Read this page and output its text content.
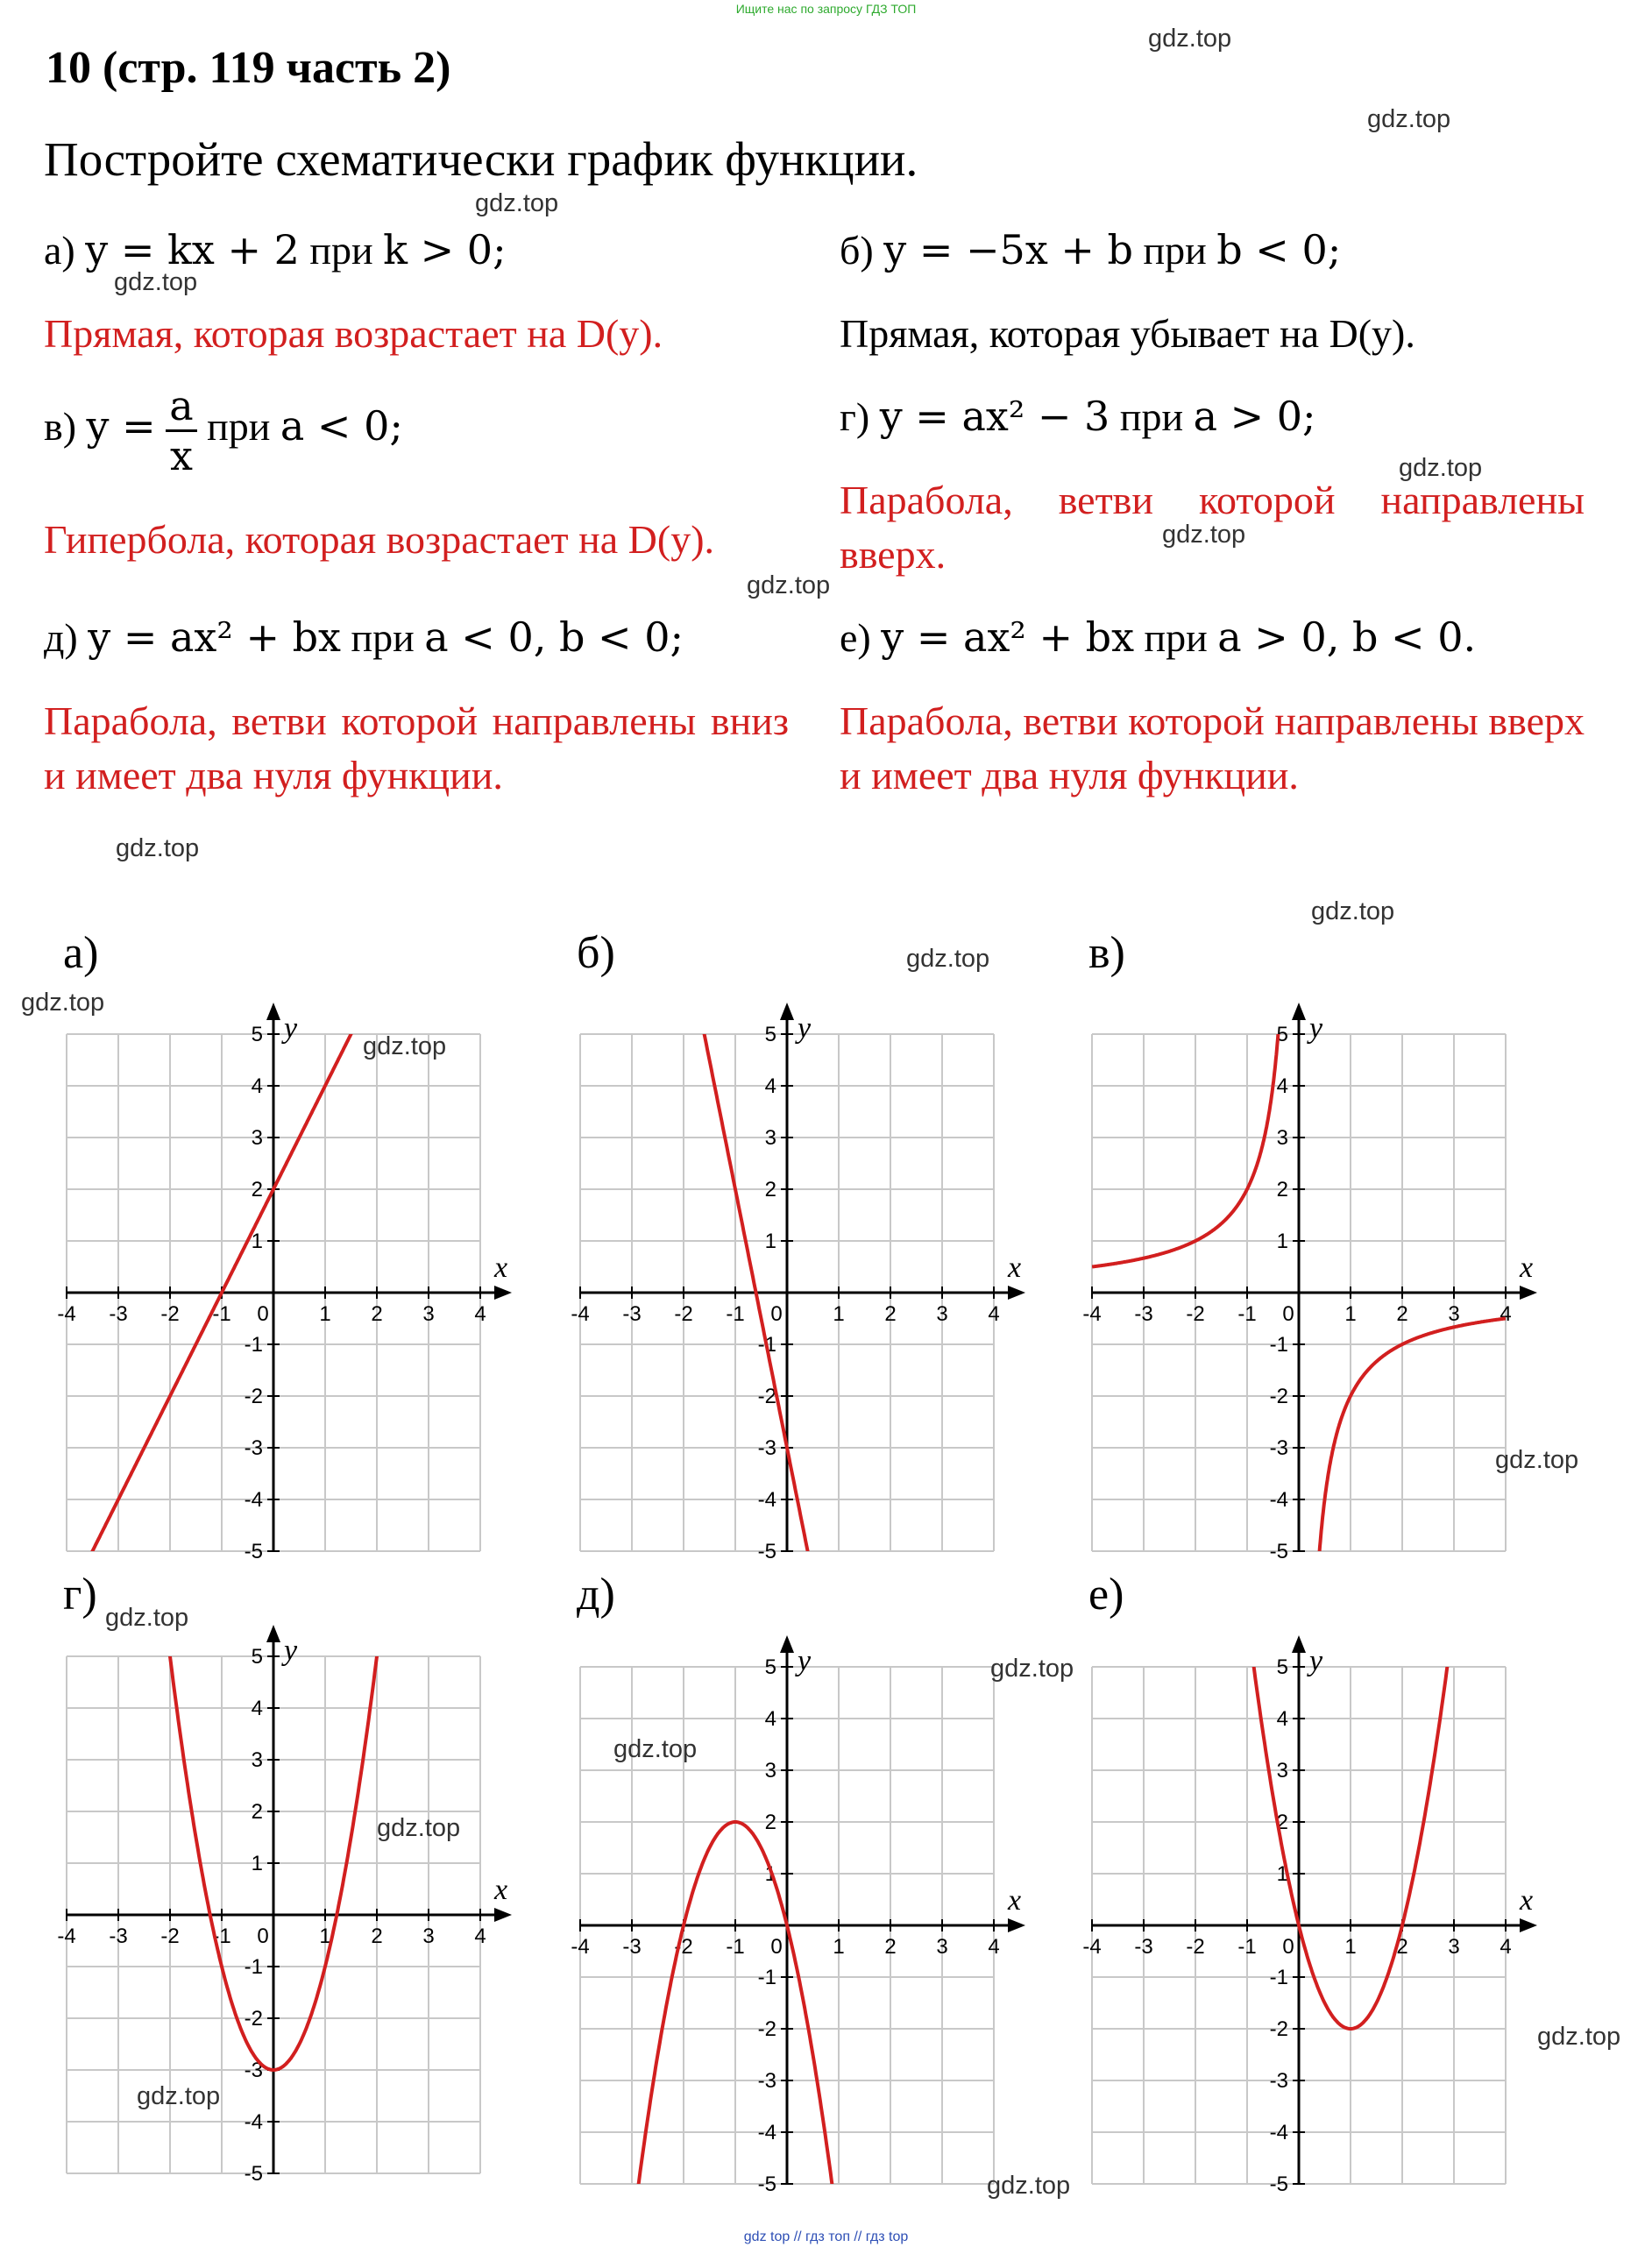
Ищите нас по запросу ГДЗ ТОП
gdz top // гдз топ // гдз top
10 (стр. 119 часть 2)
Постройте схематически график функции.
а) y = kx + 2 при k > 0;
Прямая, которая возрастает на D(y).
б) y = −5x + b при b < 0;
Прямая, которая убывает на D(y).
в) $y = \frac{a}{x}$ при a < 0;
Гипербола, которая возрастает на D(y).
г) y = ax² − 3 при a > 0;
Парабола, ветви которой направлены вверх.
д) y = ax² + bx при a < 0, b < 0;
Парабола, ветви которой направлены вниз и имеет два нуля функции.
е) y = ax² + bx при a > 0, b < 0.
Парабола, ветви которой направлены вверх и имеет два нуля функции.
а)	б)	в)
г)	д)	е)
-4 -3 -2 -1 0 1 2 3 4
-5
-4
-3
-2
-1
1
2
3
4
5
x
y
-4 -3 -2 -1 0 1 2 3 4
-5
-4
-3
-2
-1
1
2
3
4
5
x
y
-4 -3 -2 -1 0 1 2 3 4
-5
-4
-3
-2
-1
1
2
3
4
5
x
y
-4 -3 -2 -1 0 1 2 3 4
-5
-4
-3
-2
-1
1
2
3
4
5
x
y
-4 -3 -2 -1 0 1 2 3 4
-5
-4
-3
-2
-1
1
2
3
4
5
x
y
-4 -3 -2 -1 0 1 2 3 4
-5
-4
-3
-2
-1
1
2
3
4
5
x
y
gdz.top
gdz.top
gdz.top
gdz.top
gdz.top
gdz.top
gdz.top
gdz.top
gdz.top
gdz.top
gdz.top
gdz.top
gdz.top
gdz.top
gdz.top
gdz.top
gdz.top
gdz.top
gdz.top
gdz.top
